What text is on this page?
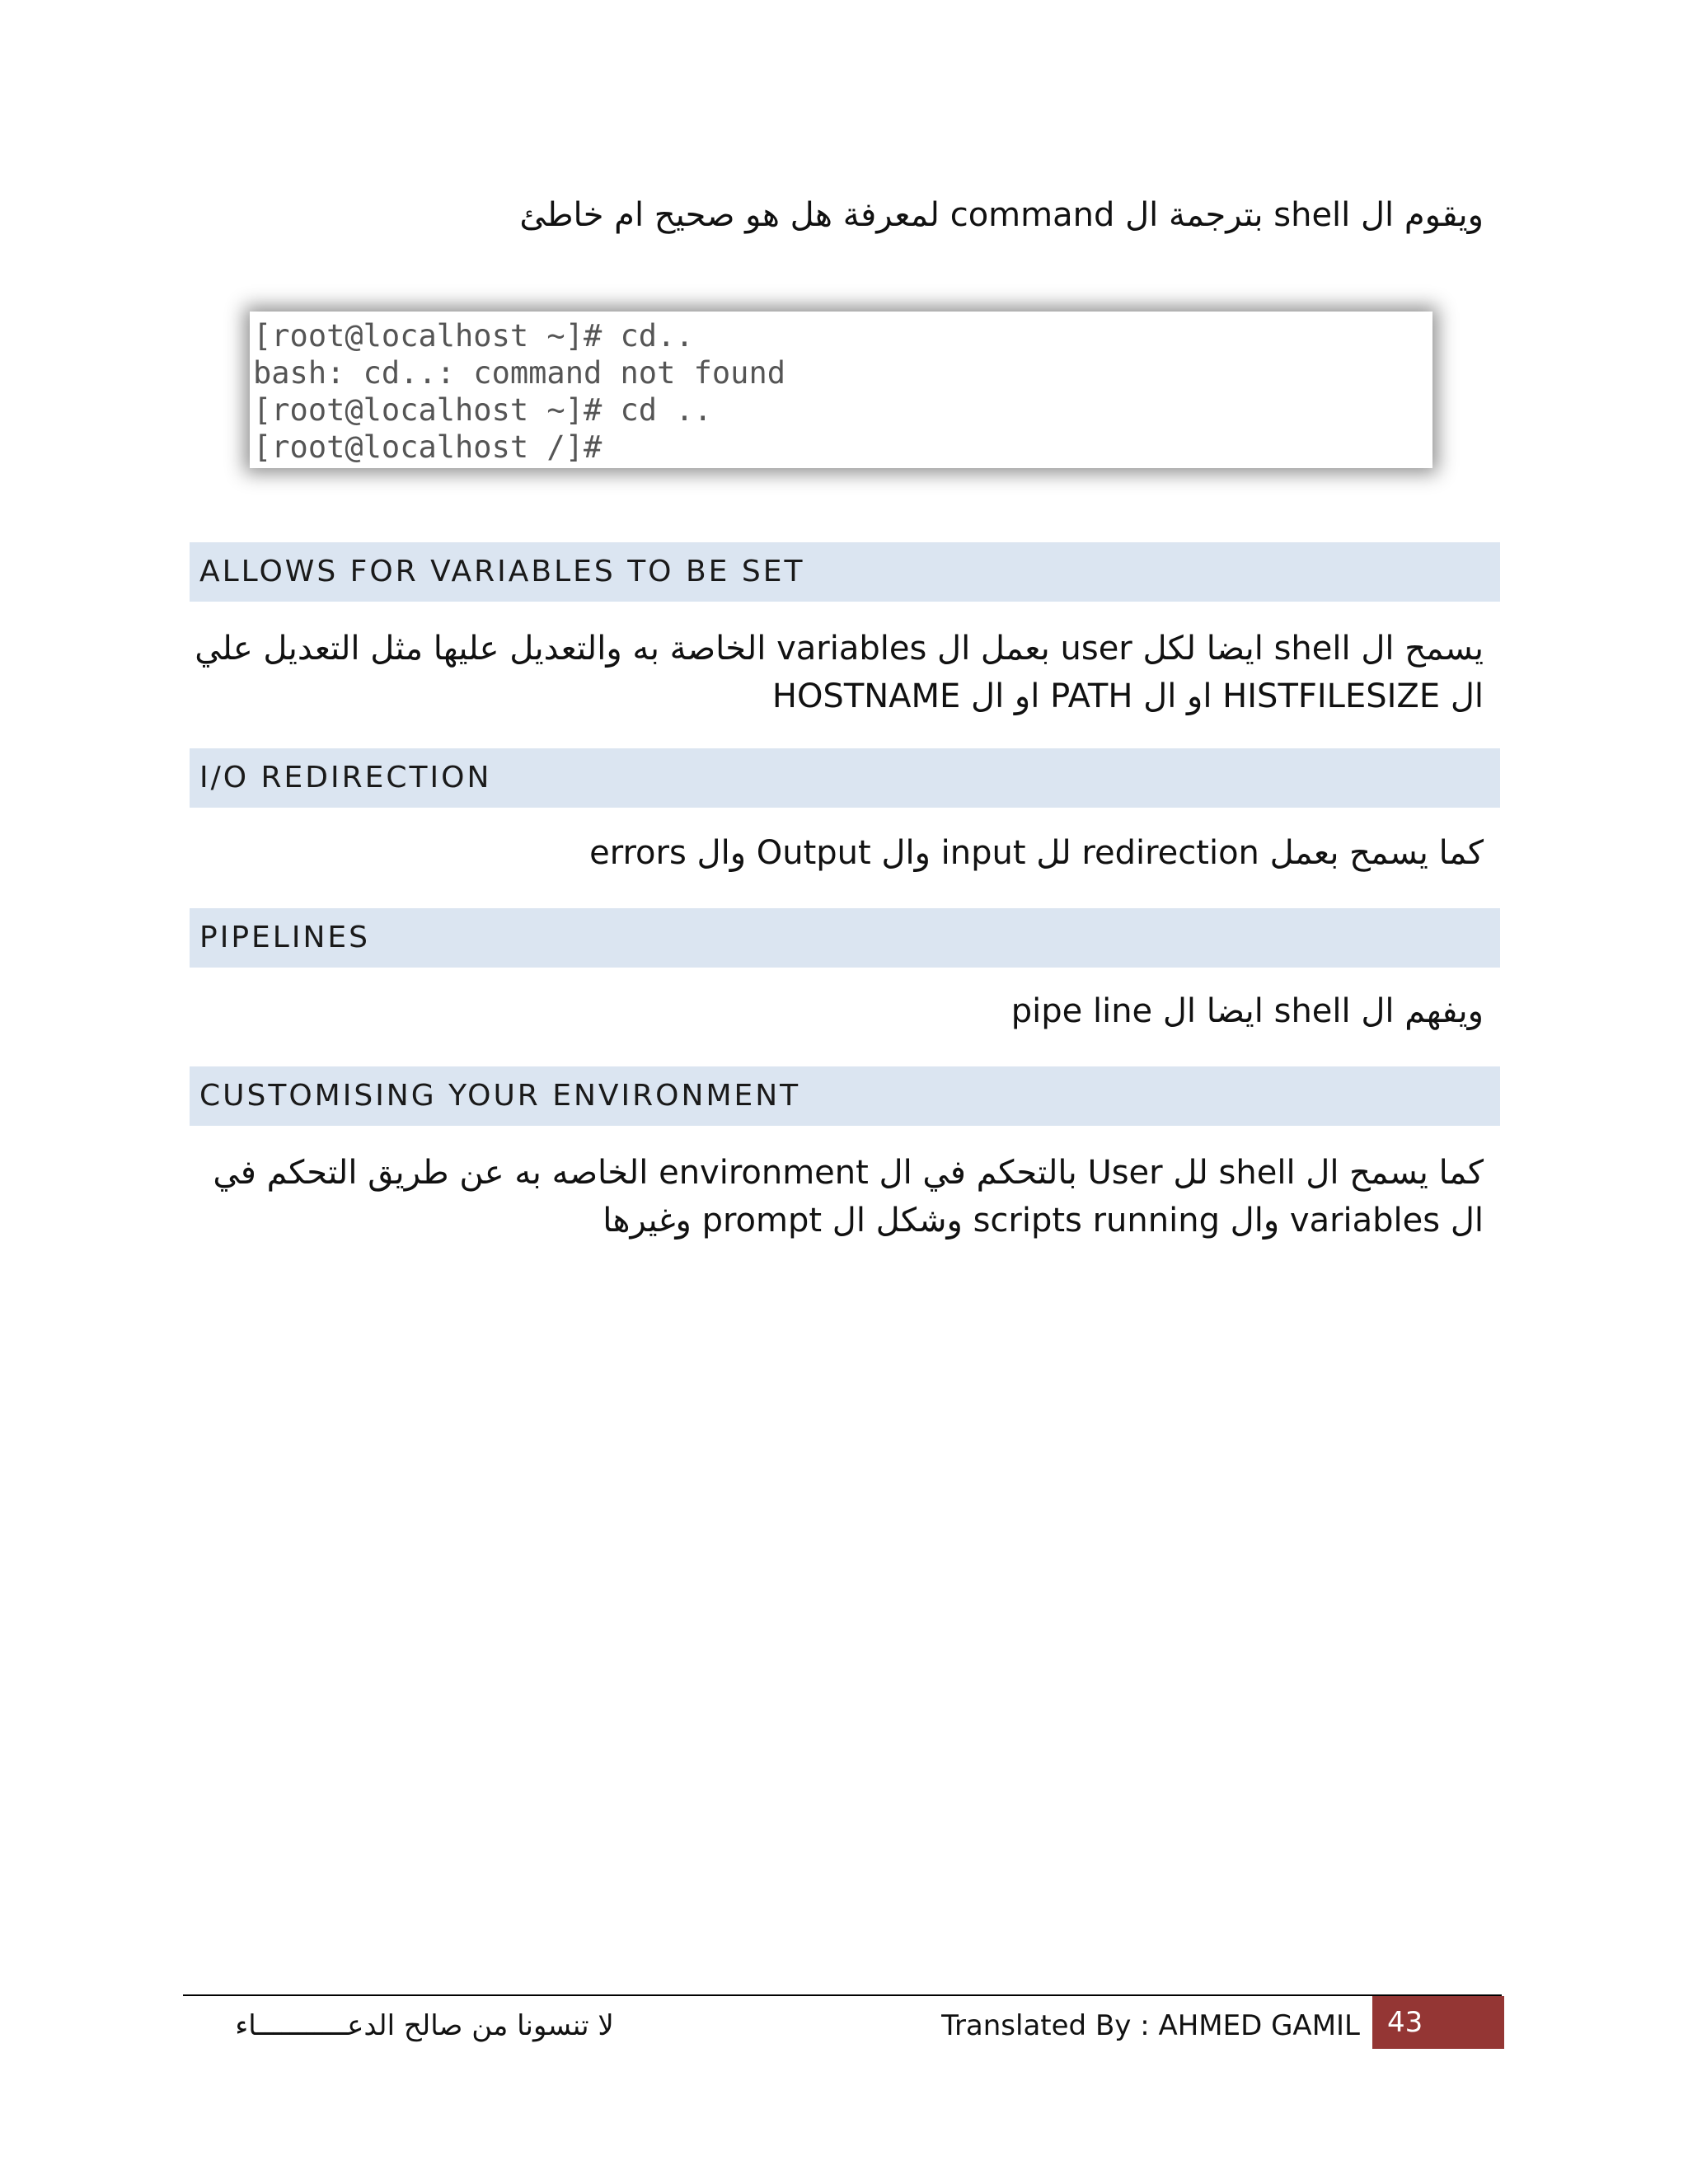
ويقوم ال shell بترجمة ال command لمعرفة هل هو صحيح ام خاطئ
[root@localhost ~]# cd..
bash: cd..: command not found
[root@localhost ~]# cd ..
[root@localhost /]#
ALLOWS FOR VARIABLES TO BE SET
يسمح ال shell ايضا لكل user بعمل ال variables الخاصة به والتعديل عليها مثل التعديل علي
ال HISTFILESIZE او ال PATH او ال HOSTNAME
I/O REDIRECTION
كما يسمح بعمل redirection لل input وال Output وال errors
PIPELINES
ويفهم ال shell ايضا ال pipe line
CUSTOMISING YOUR ENVIRONMENT
كما يسمح ال shell لل User بالتحكم في ال environment الخاصه به عن طريق التحكم في
ال variables وال scripts running وشكل ال prompt وغيرها
لا تنسونا من صالح الدعـــــــــــاء	Translated By : AHMED GAMIL 43
